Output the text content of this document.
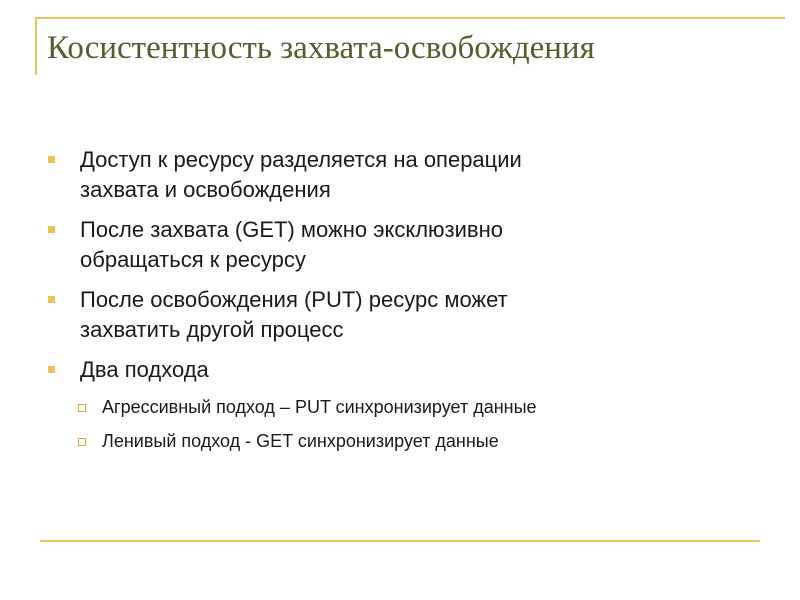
Косистентность захвата-освобождения
Доступ к ресурсу разделяется на операции
захвата и освобождения
После захвата (GET) можно эксклюзивно
обращаться к ресурсу
После освобождения (PUT) ресурс может
захватить другой процесс
Два подхода
Агрессивный подход – PUT синхронизирует данные
Ленивый подход - GET синхронизирует данные
